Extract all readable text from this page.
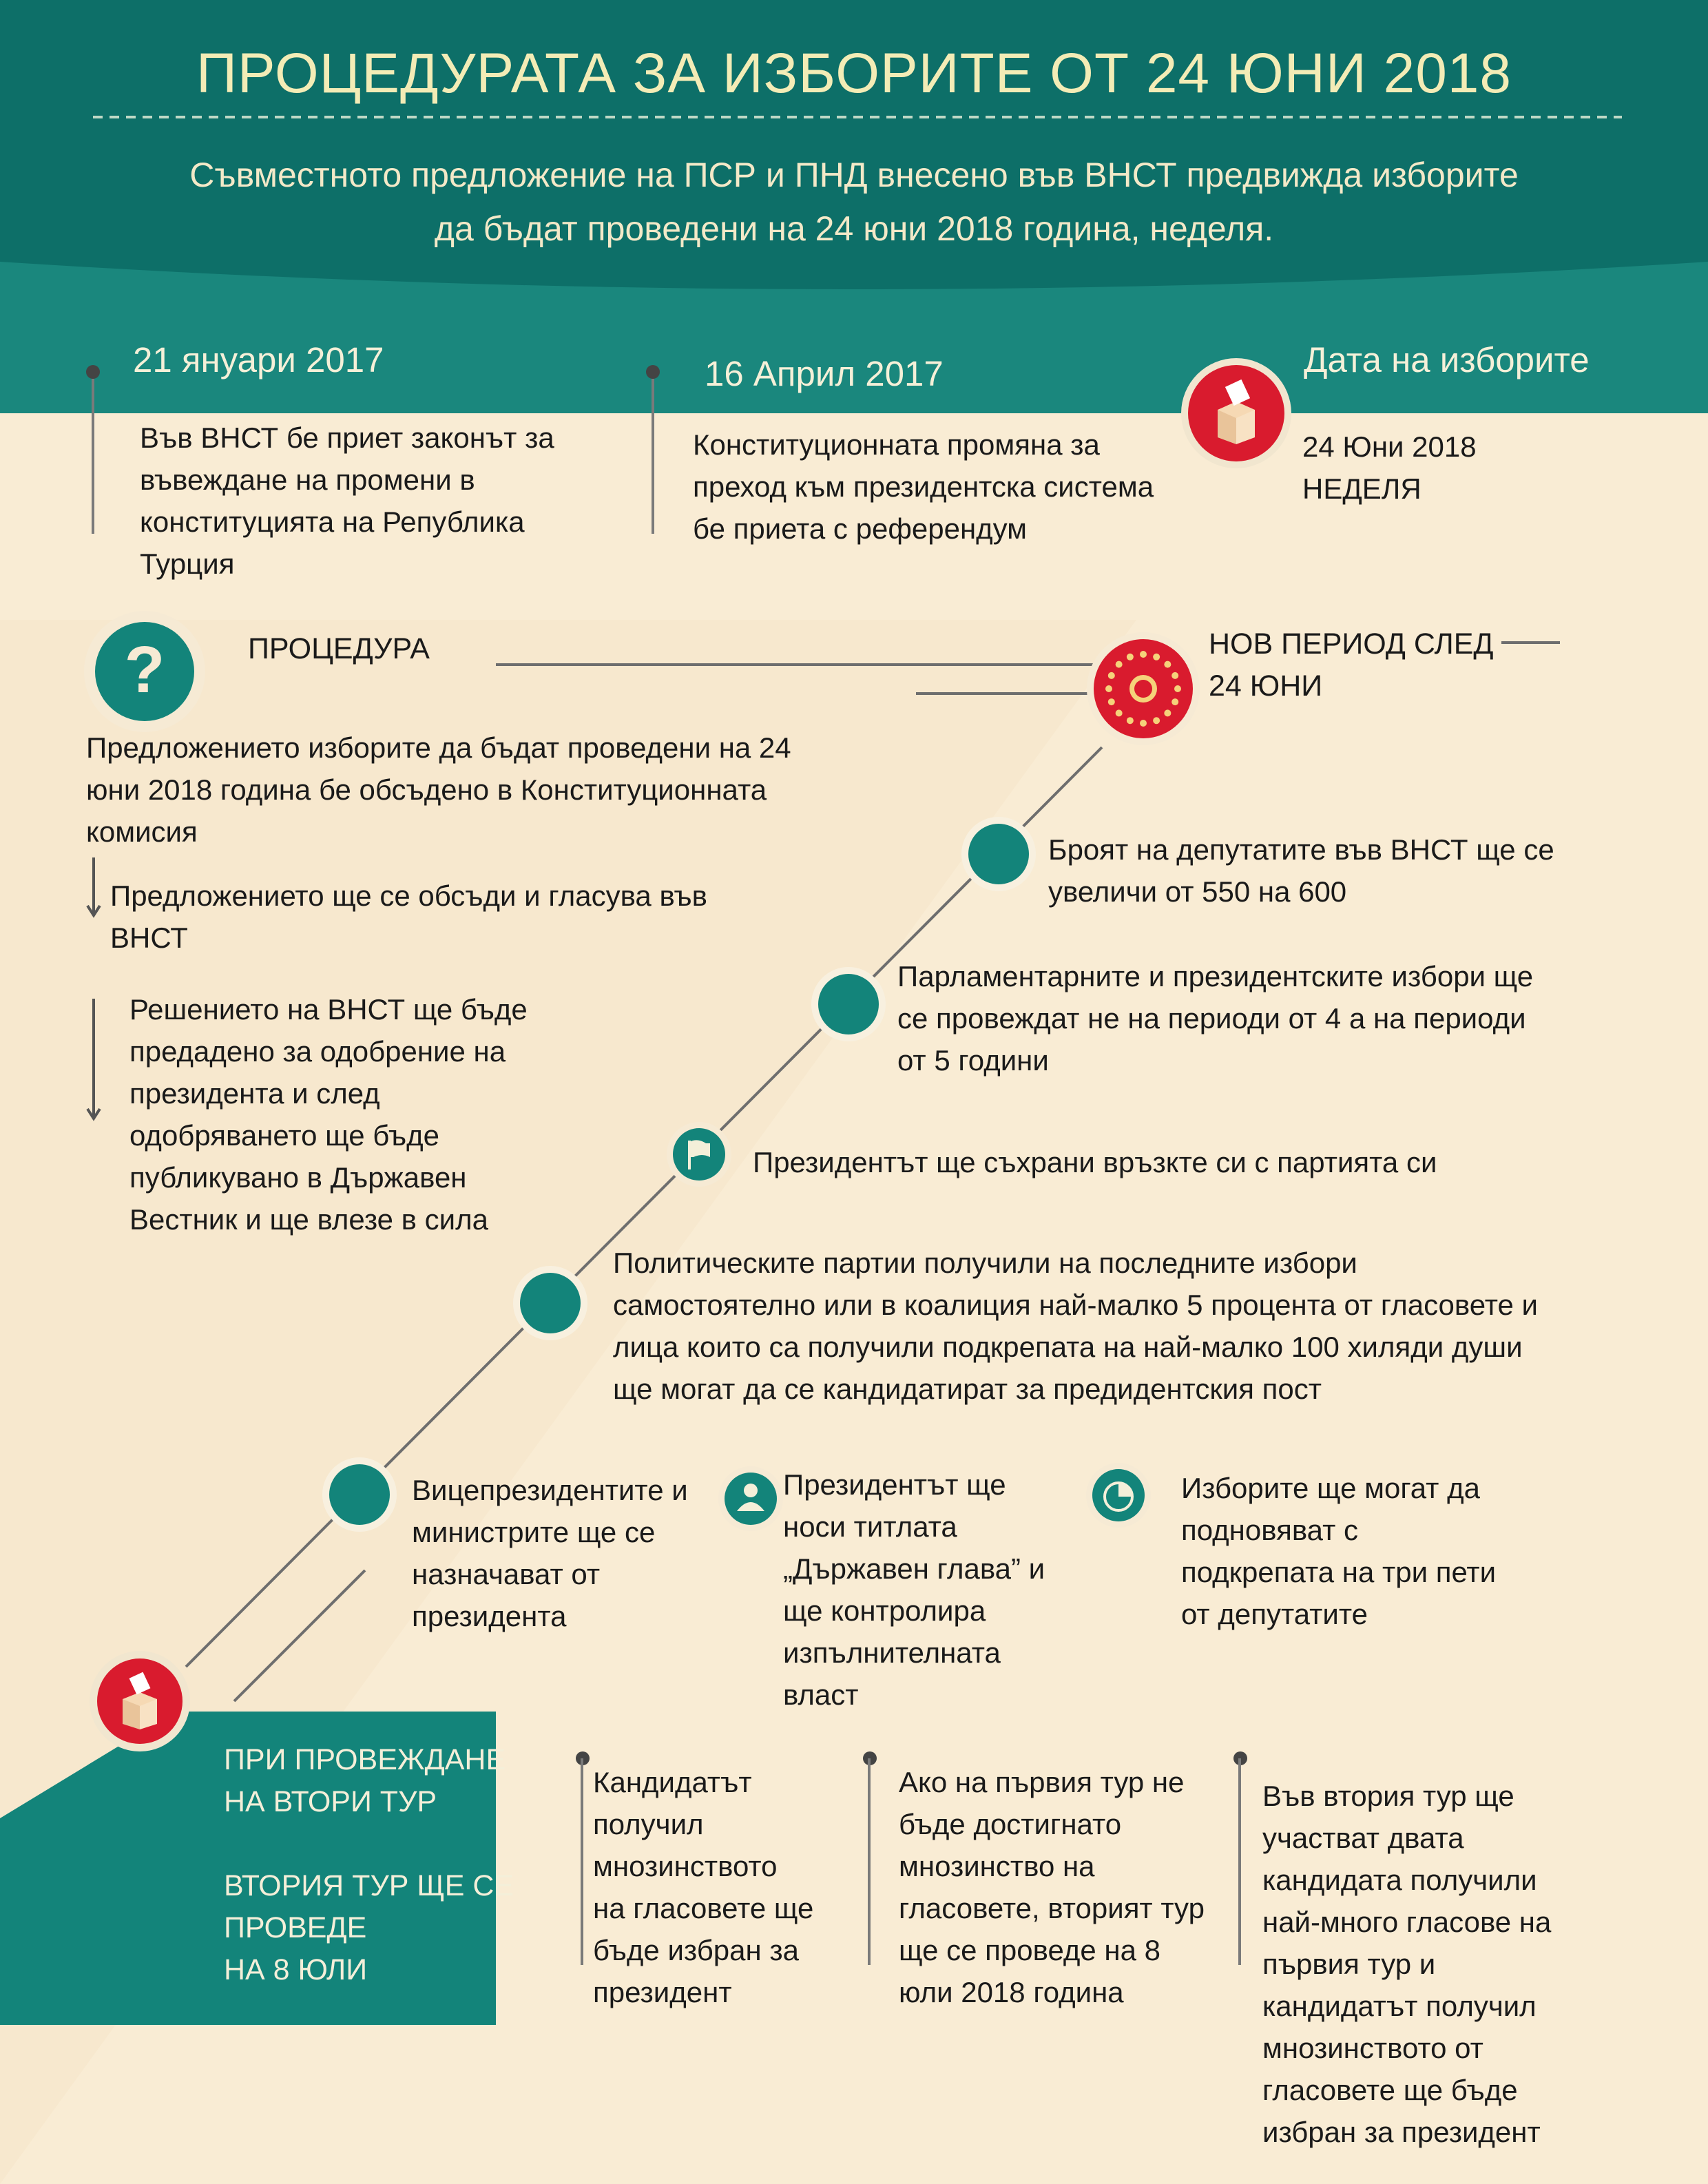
ПРОЦЕДУРАТА ЗА ИЗБОРИТЕ ОТ 24 ЮНИ 2018
Съвместното предложение на ПСР и ПНД внесено във ВНСТ предвижда изборите
да бъдат проведени на 24 юни 2018 година, неделя.
21 януари 2017
Във ВНСТ бе приет законът за
въвеждане на промени в
конституцията на Република
Турция
16 Април 2017
Конституционната промяна за
преход към президентска система
бе приета с референдум
Дата на изборите
24 Юни 2018
НЕДЕЛЯ
?	ПРОЦЕДУРА
Предложението изборите да бъдат проведени на 24
юни 2018 година бе обсъдено в Конституционната
комисия
Предложението ще се обсъди и гласува във
ВНСТ
Решението на ВНСТ ще бъде
предадено за одобрение на
президента и след
одобряването ще бъде
публикувано в Държавен
Вестник и ще влезе в сила
НОВ ПЕРИОД СЛЕД
24 ЮНИ
Броят на депутатите във ВНСТ ще се
увеличи от 550 на 600
Парламентарните и президентските избори ще
се провеждат не на периоди от 4 а на периоди
от 5 години
Президентът ще съхрани връзкте си с партията си
Политическите партии получили на последните избори
самостоятелно или в коалиция най-малко 5 процента от гласовете и
лица които са получили подкрепата на най-малко 100 хиляди души
ще могат да се кандидатират за предидентския пост
Вицепрезидентите и
министрите ще се
назначават от
президента
Президентът ще
носи титлата
„Държавен глава” и
ще контролира
изпълнителната
власт
Изборите ще могат да
подновяват с
подкрепата на три пети
от депутатите
ПРИ ПРОВЕЖДАНЕ
НА ВТОРИ ТУР
ВТОРИЯ ТУР ЩЕ СЕ
ПРОВЕДЕ
НА 8 ЮЛИ
Кандидатът
получил
мнозинството
на гласовете ще
бъде избран за
президент
Ако на първия тур не
бъде достигнато
мнозинство на
гласовете, вторият тур
ще се проведе на 8
юли 2018 година
Във втория тур ще
участват двата
кандидата получили
най-много гласове на
първия тур и
кандидатът получил
мнозинството от
гласовете ще бъде
избран за президент
